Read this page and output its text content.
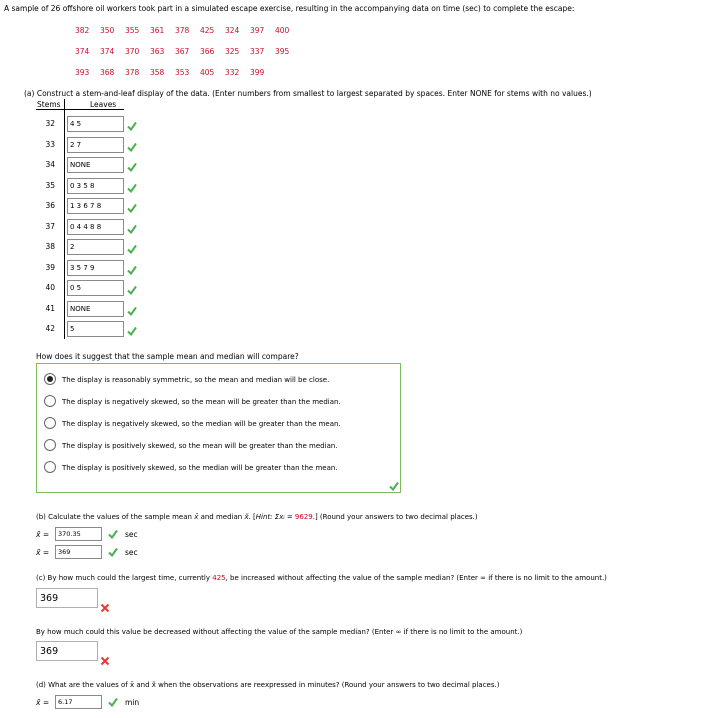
A sample of 26 offshore oil workers took part in a simulated escape exercise, resulting in the accompanying data on time (sec) to complete the escape:
382 350 355 361 378 425 324 397 400
374 374 370 363 367 366 325 337 395
393 368 378 358 353 405 332 399
(a) Construct a stem-and-leaf display of the data. (Enter numbers from smallest to largest separated by spaces. Enter NONE for stems with no values.)
Stems	Leaves
32	4 5
33	2 7
34	NONE
35	0 3 5 8
36	1 3 6 7 8
37	0 4 4 8 8
38	2
39	3 5 7 9
40	0 5
41	NONE
42	5
How does it suggest that the sample mean and median will compare?
The display is reasonably symmetric, so the mean and median will be close.
The display is negatively skewed, so the mean will be greater than the median.
The display is negatively skewed, so the median will be greater than the mean.
The display is positively skewed, so the mean will be greater than the median.
The display is positively skewed, so the median will be greater than the mean.
(b) Calculate the values of the sample mean x̄ and median x̃. [Hint: Σxᵢ = 9629.] (Round your answers to two decimal places.)
x̄ =	370.35	sec
x̃ =	369	sec
(c) By how much could the largest time, currently 425, be increased without affecting the value of the sample median? (Enter ∞ if there is no limit to the amount.)
369
By how much could this value be decreased without affecting the value of the sample median? (Enter ∞ if there is no limit to the amount.)
369
(d) What are the values of x̄ and x̃ when the observations are reexpressed in minutes? (Round your answers to two decimal places.)
x̄ =	6.17	min
